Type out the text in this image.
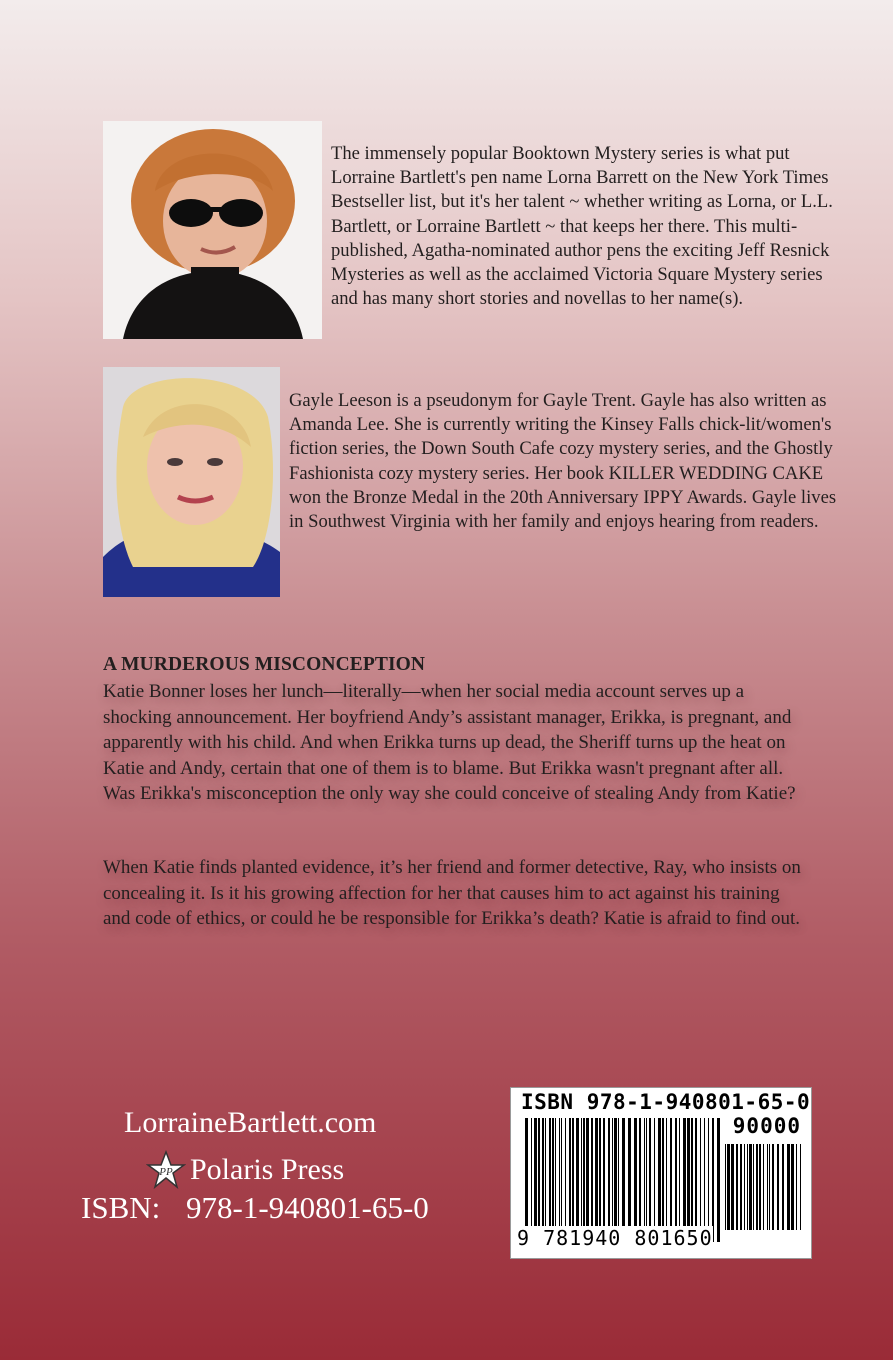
The immensely popular Booktown Mystery series is what put Lorraine Bartlett's pen name Lorna Barrett on the New York Times Bestseller list, but it's her talent ~ whether writing as Lorna, or L.L. Bartlett, or Lorraine Bartlett ~ that keeps her there. This multi-published, Agatha-nominated author pens the exciting Jeff Resnick Mysteries as well as the acclaimed Victoria Square Mystery series and has many short stories and novellas to her name(s).

Gayle Leeson is a pseudonym for Gayle Trent. Gayle has also written as Amanda Lee. She is currently writing the Kinsey Falls chick-lit/women's fiction series, the Down South Cafe cozy mystery series, and the Ghostly Fashionista cozy mystery series. Her book KILLER WEDDING CAKE won the Bronze Medal in the 20th Anniversary IPPY Awards. Gayle lives in Southwest Virginia with her family and enjoys hearing from readers.

A MURDEROUS MISCONCEPTION

Katie Bonner loses her lunch—literally—when her social media account serves up a shocking announcement. Her boyfriend Andy’s assistant manager, Erikka, is pregnant, and apparently with his child. And when Erikka turns up dead, the Sheriff turns up the heat on Katie and Andy, certain that one of them is to blame. But Erikka wasn't pregnant after all. Was Erikka's misconception the only way she could conceive of stealing Andy from Katie?

When Katie finds planted evidence, it’s her friend and former detective, Ray, who insists on concealing it. Is it his growing affection for her that causes him to act against his training and code of ethics, or could he be responsible for Erikka’s death? Katie is afraid to find out.

LorraineBartlett.com

PP Polaris Press

ISBN: 978-1-940801-65-0

ISBN 978-1-940801-65-0

90000

9 781940 801650
